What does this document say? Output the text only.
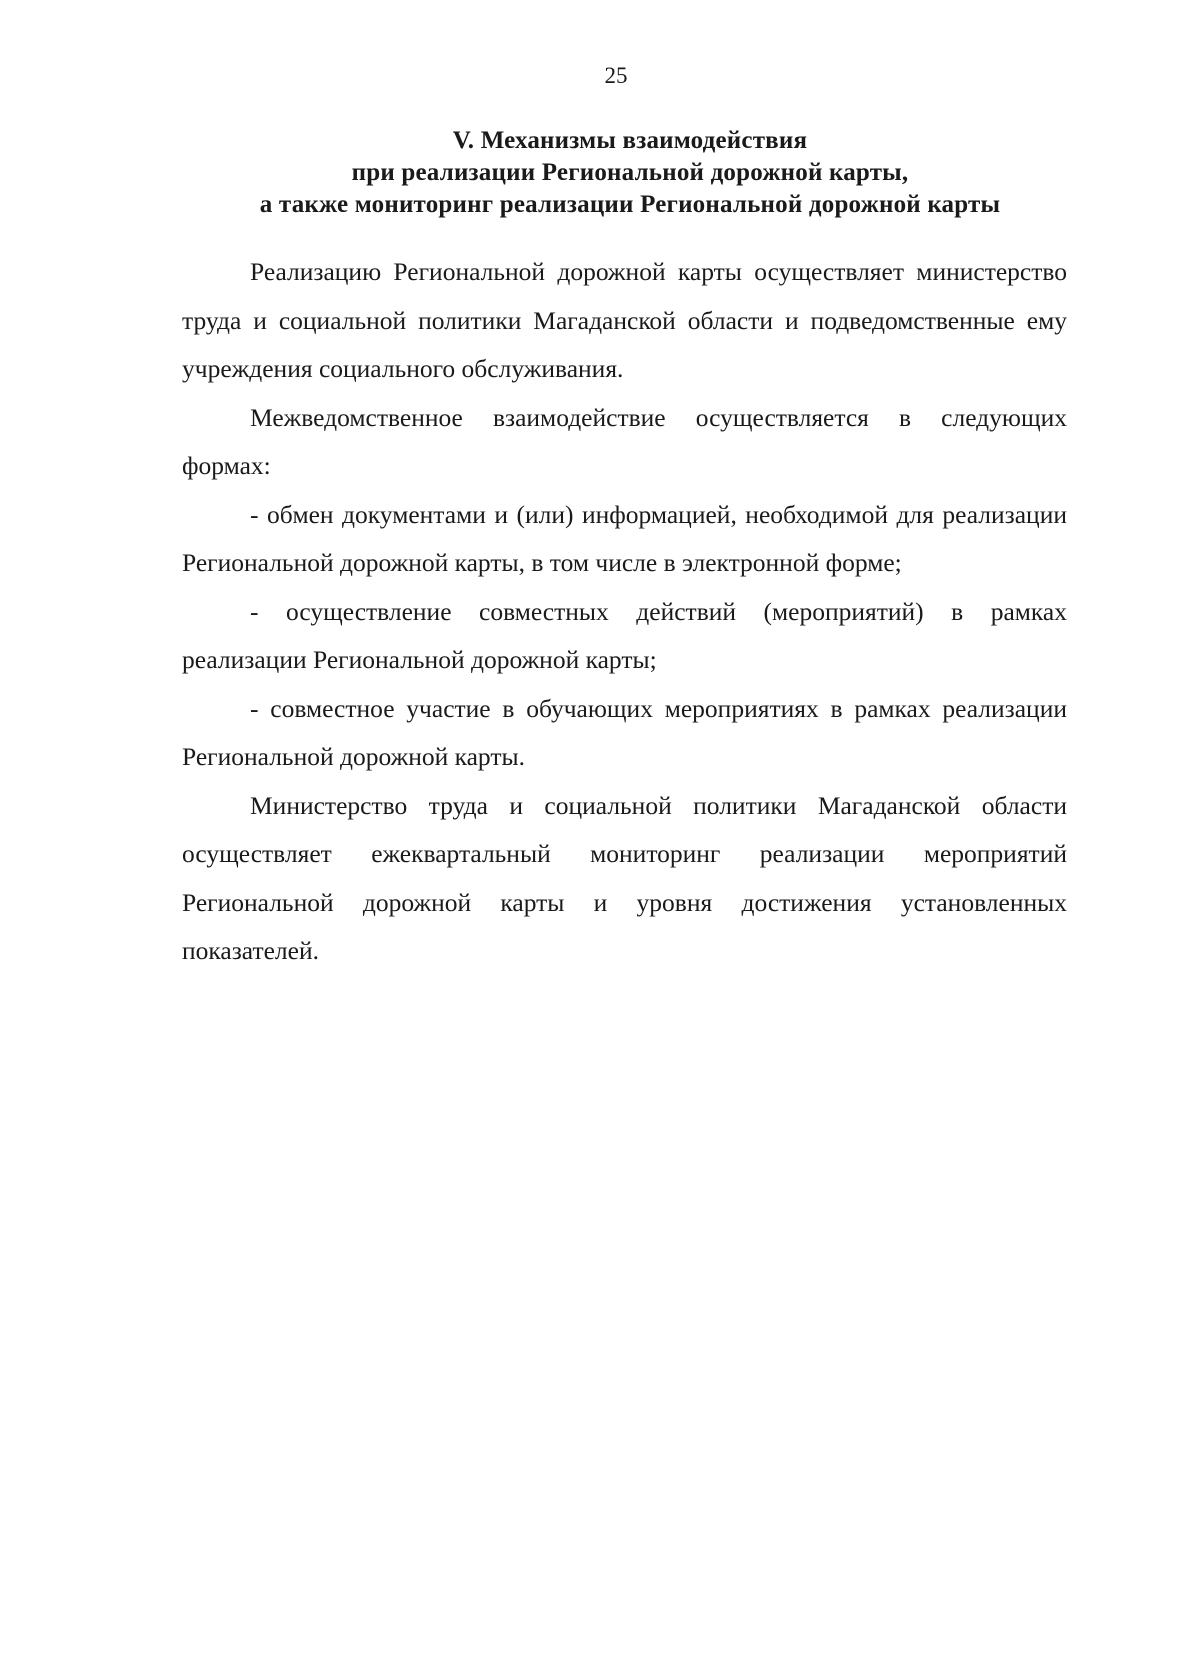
25
V. Механизмы взаимодействия
при реализации Региональной дорожной карты,
а также мониторинг реализации Региональной дорожной карты

Реализацию Региональной дорожной карты осуществляет министерство труда и социальной политики Магаданской области и подведомственные ему учреждения социального обслуживания.

Межведомственное взаимодействие осуществляется в следующих формах:

- обмен документами и (или) информацией, необходимой для реализации Региональной дорожной карты, в том числе в электронной форме;

- осуществление совместных действий (мероприятий) в рамках реализации Региональной дорожной карты;

- совместное участие в обучающих мероприятиях в рамках реализации Региональной дорожной карты.

Министерство труда и социальной политики Магаданской области осуществляет ежеквартальный мониторинг реализации мероприятий Региональной дорожной карты и уровня достижения установленных показателей.
